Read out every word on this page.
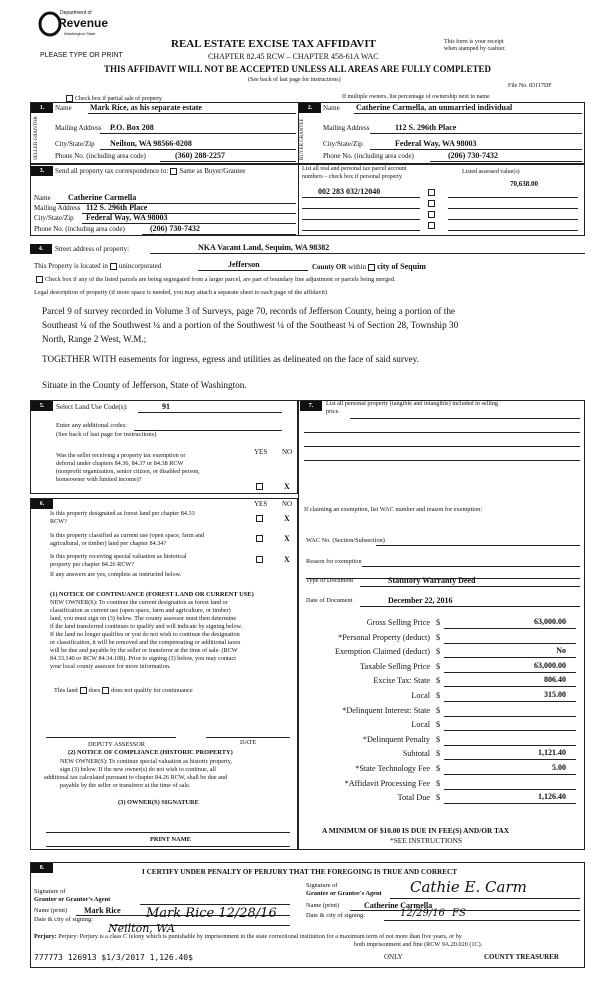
Department of
Revenue
Washington State
PLEASE TYPE OR PRINT
REAL ESTATE EXCISE TAX AFFIDAVIT
CHAPTER 82.45 RCW – CHAPTER 458-61A WAC
THIS AFFIDAVIT WILL NOT BE ACCEPTED UNLESS ALL AREAS ARE FULLY COMPLETED
(See back of last page for instructions)
This form is your receipt
when stamped by cashier.
File No. 83117DF
Check box if partial sale of property	If multiple owners, list percentage of ownership next to name
1.
SELLER GRANTOR
Name Mark Rice, as his separate estate
Mailing Address P.O. Box 208
City/State/Zip Neilton, WA 98566-0208
Phone No. (including area code)	(360) 288-2257
2.
BUYER GRANTEE
Name Catherine Carmella, an unmarried individual
Mailing Address	112 S. 296th Place
City/State/Zip	Federal Way, WA 98003
Phone No. (including area code)	(206) 730-7432
3.	Send all property tax correspondence to: Same as Buyer/Grantee
Name Catherine Carmella
Mailing Address 112 S. 296th Place
City/State/Zip Federal Way, WA 98003
Phone No. (including area code)	(206) 730-7432
List all real and personal tax parcel account
numbers – check box if personal property
Listed assessed value(s)
70,638.00
002 283 032/12040
4.	Street address of property:	NKA Vacant Land, Sequim, WA 98382
This Property is located in unincorporated	Jefferson	County OR within city of Sequim
Check box if any of the listed parcels are being segregated from a larger parcel, are part of boundary line adjustment or parcels being merged.
Legal description of property (if more space is needed, you may attach a separate sheet to each page of the affidavit)
Parcel 9 of survey recorded in Volume 3 of Surveys, page 70, records of Jefferson County, being a portion of the
Southeast ¼ of the Southwest ¼ and a portion of the Southwest ¼ of the Southeast ¼ of Section 28, Township 30
North, Range 2 West, W.M.;
TOGETHER WITH easements for ingress, egress and utilities as delineated on the face of said survey.
Situate in the County of Jefferson, State of Washington.
5.	Select Land Use Code(s):	91
Enter any additional codes:
(See back of last page for instructions)
YES NO
Was the seller receiving a property tax exemption or
deferral under chapters 84.36, 84.37 or 84.38 RCW
(nonprofit organization, senior citizen, or disabled person,
homeowner with limited income)?
X
6.	YES NO
Is this property designated as forest land per chapter 84.33
RCW?	X
Is this property classified as current use (open space, farm and
agricultural, or timber) land per chapter 84.34?
X
Is this property receiving special valuation as historical
property per chapter 84.26 RCW?
X
If any answers are yes, complete as instructed below.
(1) NOTICE OF CONTINUANCE (FOREST LAND OR CURRENT USE)
NEW OWNER(S): To continue the current designation as forest land or
classification as current use (open space, farm and agriculture, or timber)
land, you must sign on (3) below. The county assessor must then determine
if the land transferred continues to qualify and will indicate by signing below.
If the land no longer qualifies or you do not wish to continue the designation
or classification, it will be removed and the compensating or additional taxes
will be due and payable by the seller or transferor at the time of sale. (RCW
84.33.140 or RCW 84.34.108). Prior to signing (3) below, you may contact
your local county assessor for more information.
This land does does not qualify for continuance
DEPUTY ASSESSOR	DATE
(2) NOTICE OF COMPLIANCE (HISTORIC PROPERTY)
NEW OWNER(S): To continue special valuation as historic property,
sign (3) below. If the new owner(s) do not wish to continue, all
additional tax calculated pursuant to chapter 84.26 RCW, shall be due and
payable by the seller or transferor at the time of sale.
(3) OWNER(S) SIGNATURE
PRINT NAME
7.	List all personal property (tangible and intangible) included in selling
price.
If claiming an exemption, list WAC number and reason for exemption:
WAC No. (Section/Subsection)
Reason for exemption
Type of Document	Statutory Warranty Deed
Date of Document	December 22, 2016
Gross Selling Price $	63,000.00
*Personal Property (deduct) $
Exemption Claimed (deduct) $	No
Taxable Selling Price $	63,000.00
Excise Tax: State $	806.40
Local $	315.00
*Delinquent Interest: State $
Local $
*Delinquent Penalty $
Subtotal $	1,121.40
*State Technology Fee $	5.00
*Affidavit Processing Fee $
Total Due $	1,126.40
A MINIMUM OF $10.00 IS DUE IN FEE(S) AND/OR TAX
*SEE INSTRUCTIONS
8.	I CERTIFY UNDER PENALTY OF PERJURY THAT THE FOREGOING IS TRUE AND CORRECT
Signature of
Grantor or Grantor's Agent
Name (print) Mark Rice
Date & city of signing:	Mark Rice 12/28/16
Neilton, WA
Signature of
Grantee or Grantee's Agent Cathie E. Carm
Name (print)	Catherine Carmella
Date & city of signing:	12/29/16 FS
Perjury: Perjury: Perjury is a class C felony which is punishable by imprisonment in the state correctional institution for a maximum term of not more than five years, or by
both imprisonment and fine (RCW 9A.20.020 (1C).
777773 126913 $1/3/2017 1,126.40$	ONLY	COUNTY TREASURER
